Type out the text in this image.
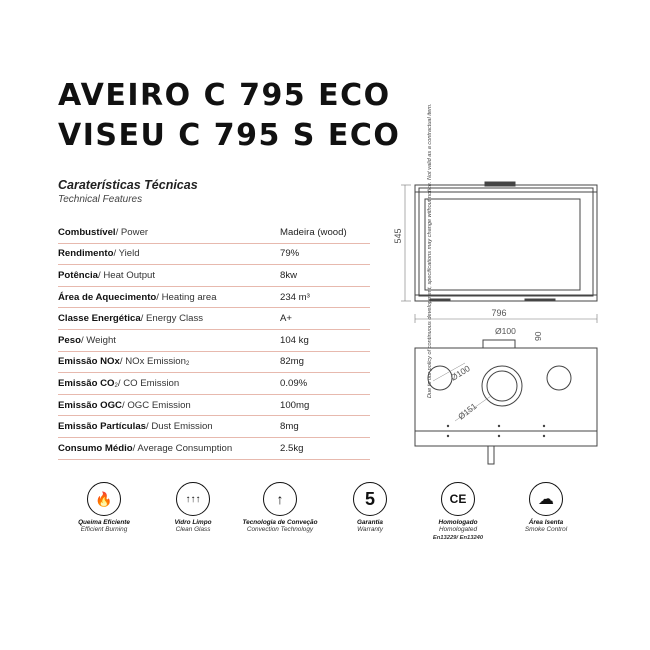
AVEIRO C 795 ECO
VISEU C 795 S ECO
Caraterísticas Técnicas
Technical Features
Combustível/ Power	Madeira (wood)
Rendimento/ Yield	79%
Potência/ Heat Output	8kw
Área de Aquecimento/ Heating area	234 m³
Classe Energética/ Energy Class	A+
Peso/ Weight	104 kg
Emissão NOx/ NOx Emission$_2$	82mg
Emissão $CO_2/$ CO Emission	0.09%
Emissão OGC/ OGC Emission	100mg
Emissão Partículas/ Dust Emission	8mg
Consumo Médio/ Average Consumption	2.5kg
545
796
Ø100
90
Ø100
Ø151
🔥
Queima Eficiente
Efficient Burning
↑↑↑
Vidro Limpo
Clean Glass
↑
Tecnologia de Conveção
Convection Technology
5
Garantia
Warranty
CE
Homologado
Homologated
En13229/ En13240
☁
Área Isenta
Smoke Control
Due to our policy of continuous development, specifications may change without notice. Not valid as a contractual item.
